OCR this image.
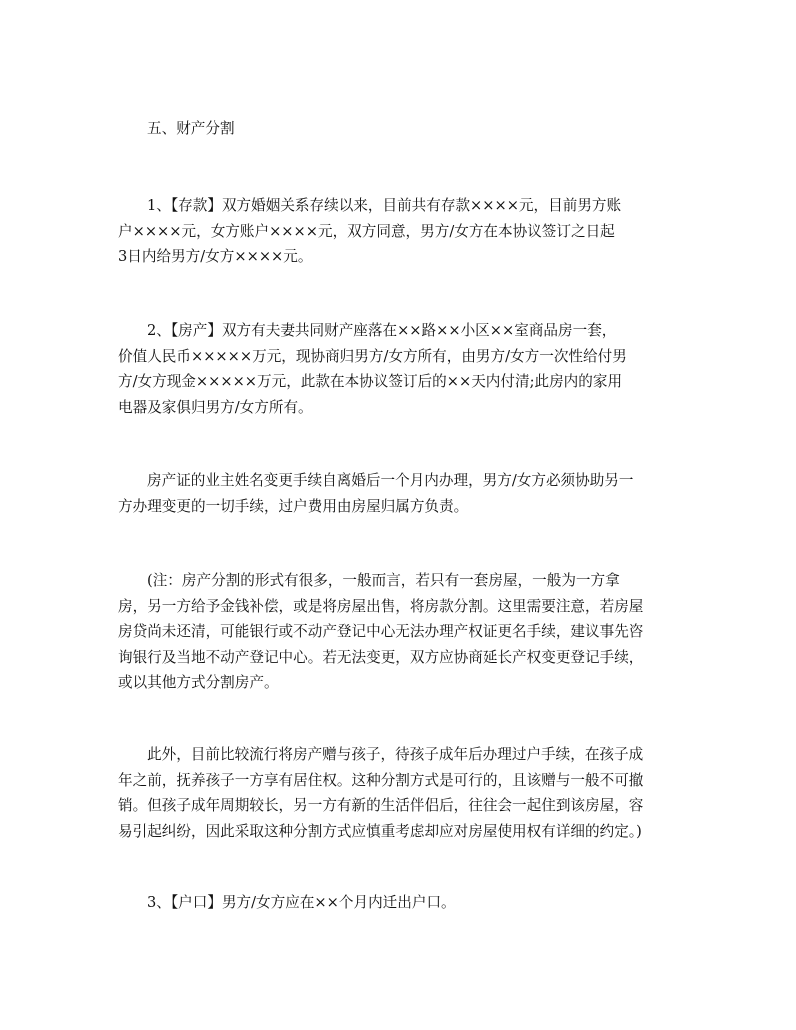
五、财产分割

1、【存款】双方婚姻关系存续以来，目前共有存款××××元，目前男方账
户××××元，女方账户××××元，双方同意，男方/女方在本协议签订之日起
3日内给男方/女方××××元。

2、【房产】双方有夫妻共同财产座落在××路××小区××室商品房一套，
价值人民币×××××万元，现协商归男方/女方所有，由男方/女方一次性给付男
方/女方现金×××××万元，此款在本协议签订后的××天内付清;此房内的家用
电器及家俱归男方/女方所有。

房产证的业主姓名变更手续自离婚后一个月内办理，男方/女方必须协助另一
方办理变更的一切手续，过户费用由房屋归属方负责。

(注：房产分割的形式有很多，一般而言，若只有一套房屋，一般为一方拿
房，另一方给予金钱补偿，或是将房屋出售，将房款分割。这里需要注意，若房屋
房贷尚未还清，可能银行或不动产登记中心无法办理产权证更名手续，建议事先咨
询银行及当地不动产登记中心。若无法变更，双方应协商延长产权变更登记手续，
或以其他方式分割房产。

此外，目前比较流行将房产赠与孩子，待孩子成年后办理过户手续，在孩子成
年之前，抚养孩子一方享有居住权。这种分割方式是可行的，且该赠与一般不可撤
销。但孩子成年周期较长，另一方有新的生活伴侣后，往往会一起住到该房屋，容
易引起纠纷，因此采取这种分割方式应慎重考虑却应对房屋使用权有详细的约定。)

3、【户口】男方/女方应在××个月内迁出户口。
